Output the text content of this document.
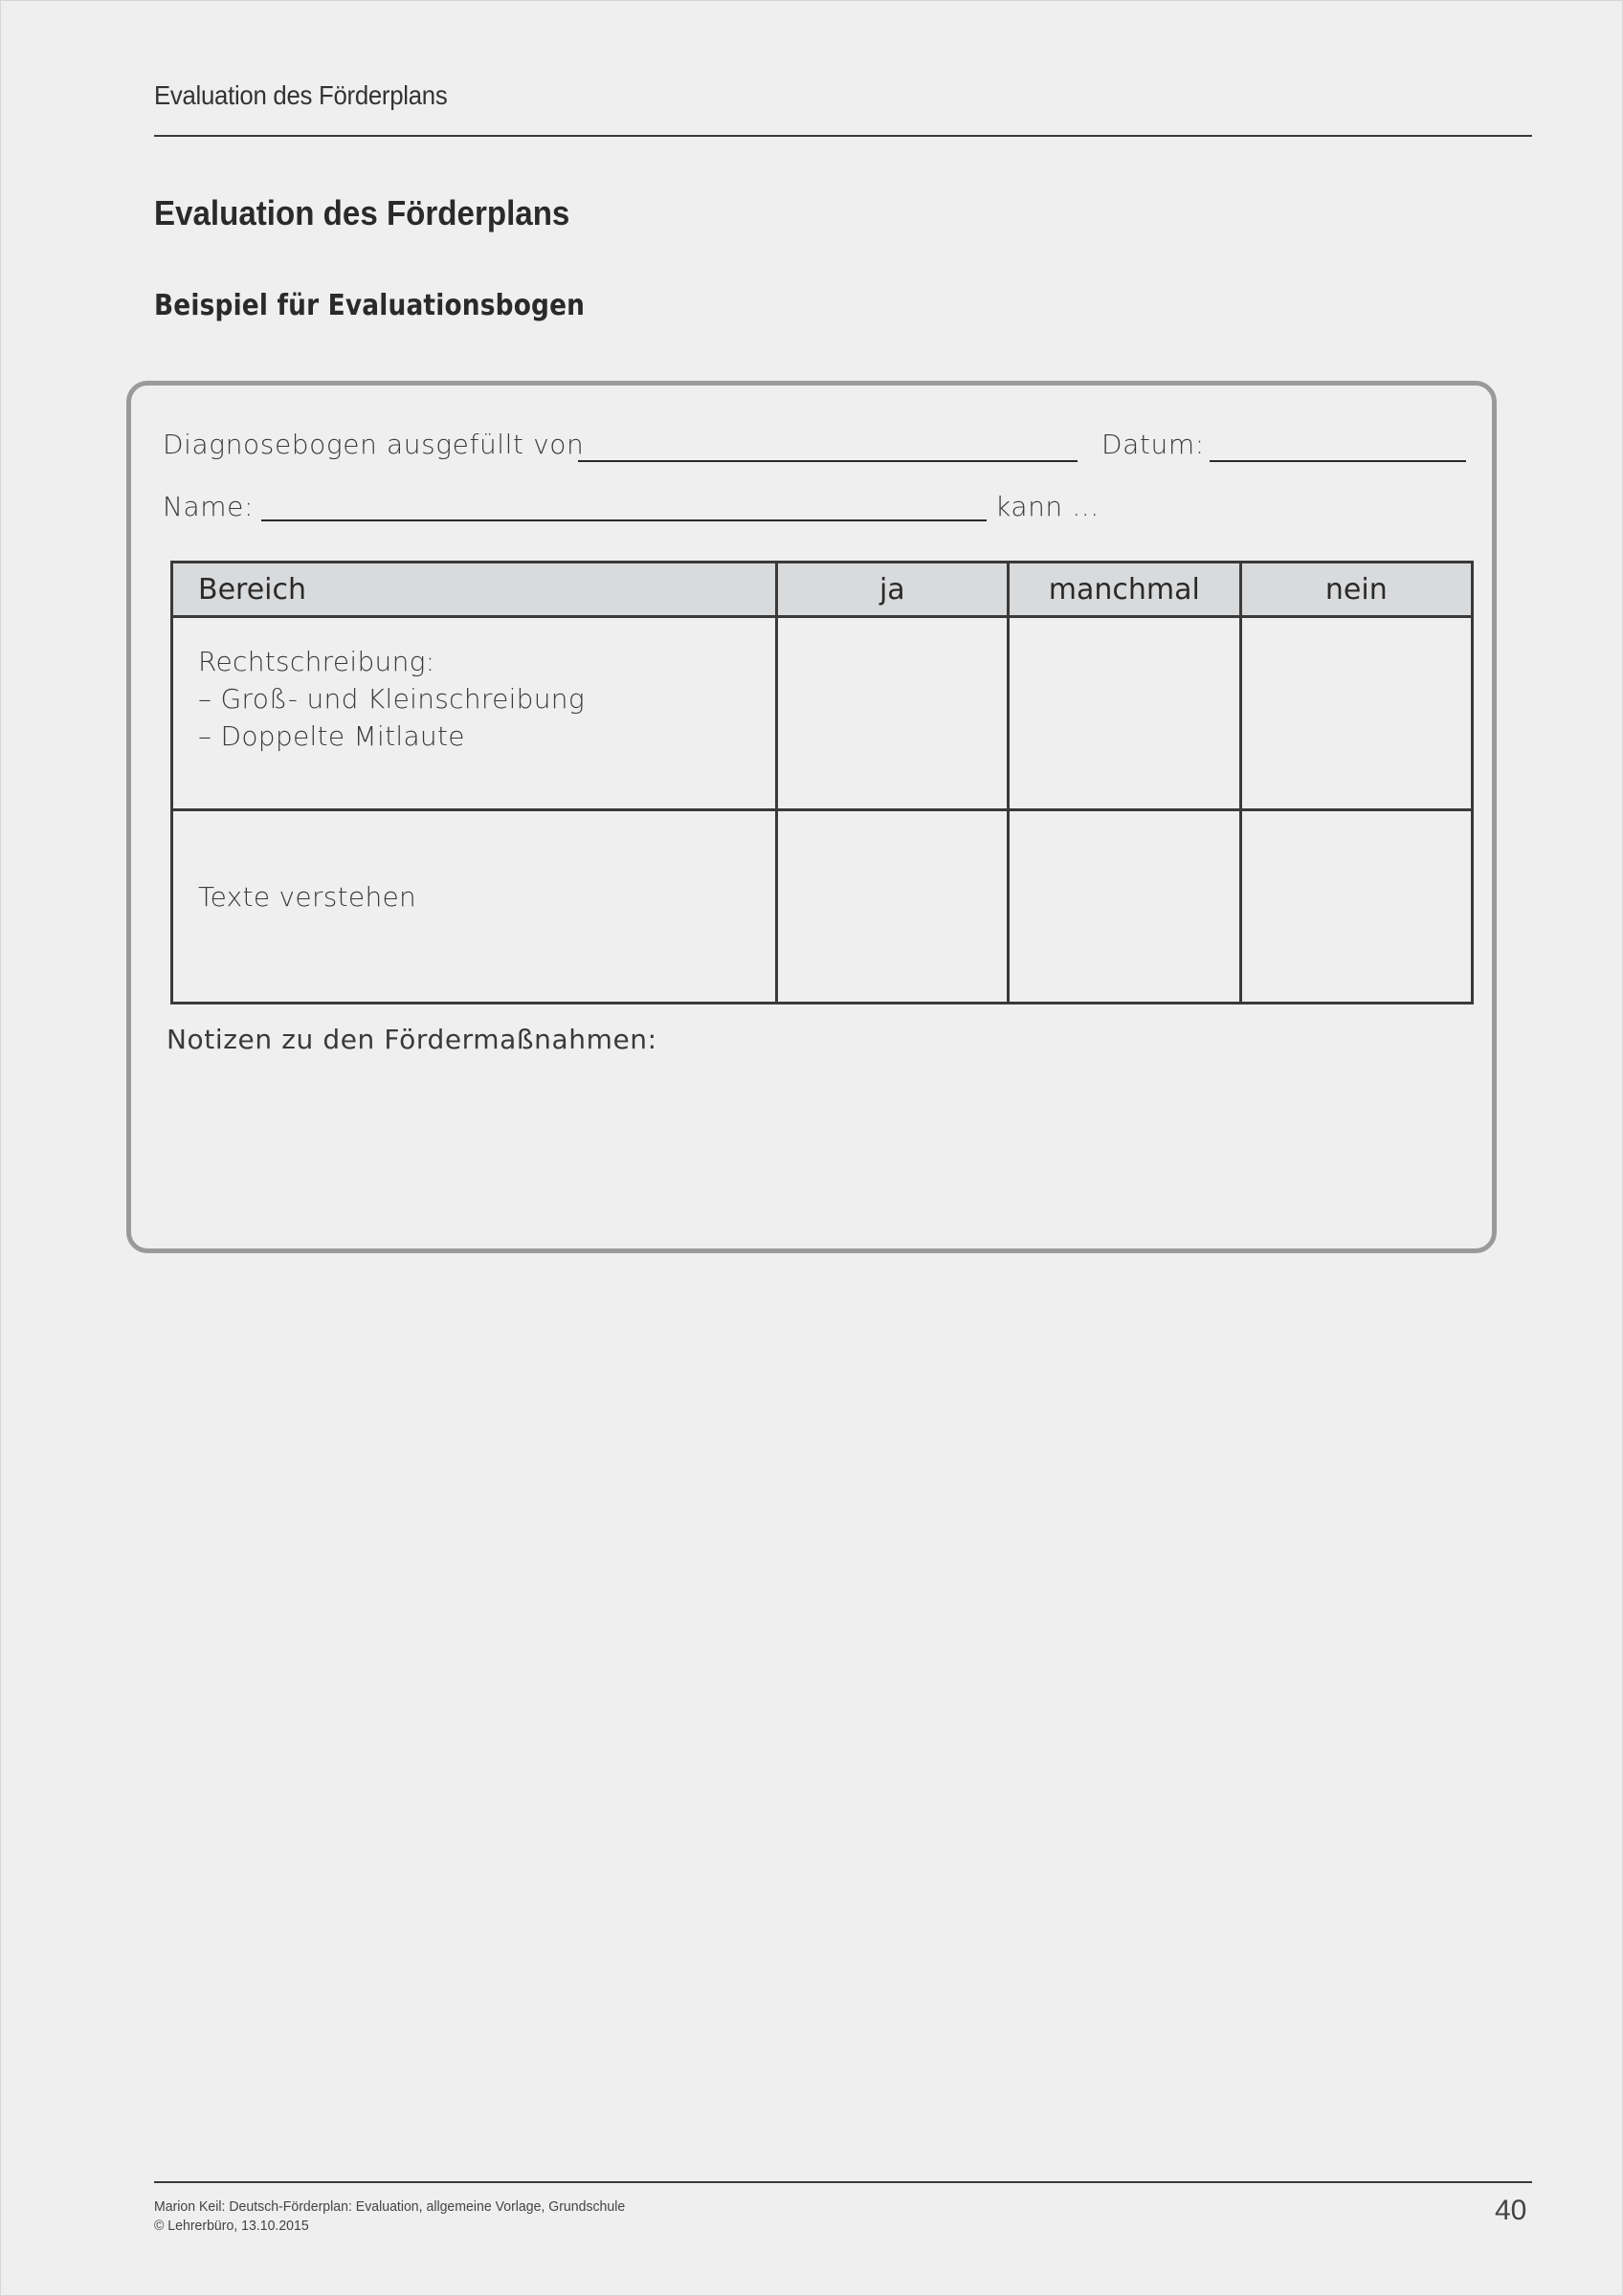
Evaluation des Förderplans
Evaluation des Förderplans
Beispiel für Evaluationsbogen
Diagnosebogen ausgefüllt von	Datum:
Name:	kann ...
Bereich	ja	manchmal	nein

Rechtschreibung:
– Groß- und Kleinschreibung
– Doppelte Mitlaute			

Texte verstehen			

Notizen zu den Fördermaßnahmen:
Marion Keil: Deutsch-Förderplan: Evaluation, allgemeine Vorlage, Grundschule
© Lehrerbüro, 13.10.2015	40
